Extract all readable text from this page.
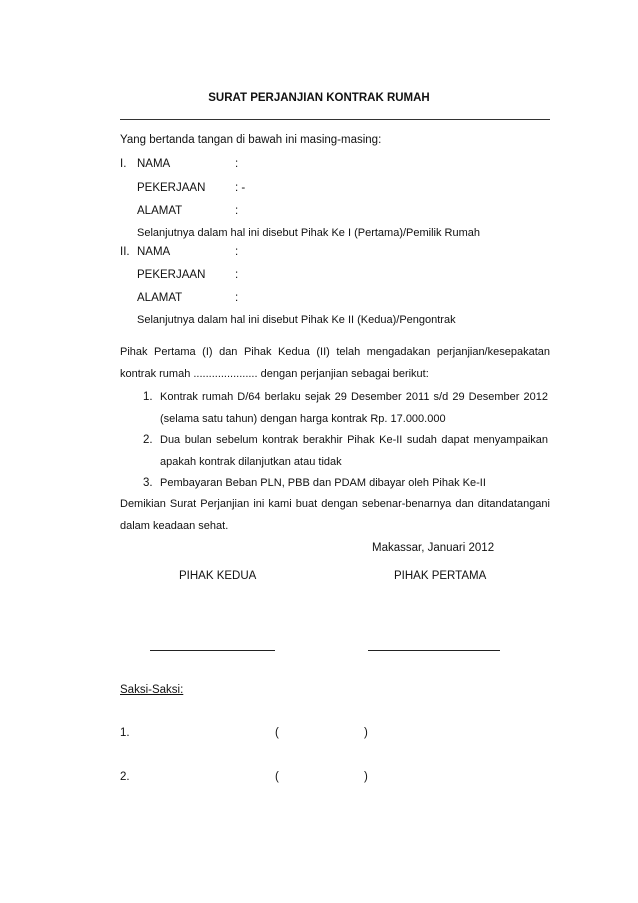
SURAT PERJANJIAN KONTRAK RUMAH
Yang bertanda tangan di bawah ini masing-masing:
I. NAMA	:
PEKERJAAN	: -
ALAMAT	:
Selanjutnya dalam hal ini disebut Pihak Ke I (Pertama)/Pemilik Rumah
II. NAMA	:
PEKERJAAN	:
ALAMAT	:
Selanjutnya dalam hal ini disebut Pihak Ke II (Kedua)/Pengontrak
Pihak Pertama (I) dan Pihak Kedua (II) telah mengadakan perjanjian/kesepakatan
kontrak rumah ..................... dengan perjanjian sebagai berikut:
1. Kontrak rumah D/64 berlaku sejak 29 Desember 2011 s/d 29 Desember 2012
(selama satu tahun) dengan harga kontrak Rp. 17.000.000
2. Dua bulan sebelum kontrak berakhir Pihak Ke-II sudah dapat menyampaikan
apakah kontrak dilanjutkan atau tidak
3. Pembayaran Beban PLN, PBB dan PDAM dibayar oleh Pihak Ke-II
Demikian Surat Perjanjian ini kami buat dengan sebenar-benarnya dan ditandatangani
dalam keadaan sehat.
Makassar, Januari 2012
PIHAK KEDUA	PIHAK PERTAMA
Saksi-Saksi:
1.	(	)
2.	(	)
